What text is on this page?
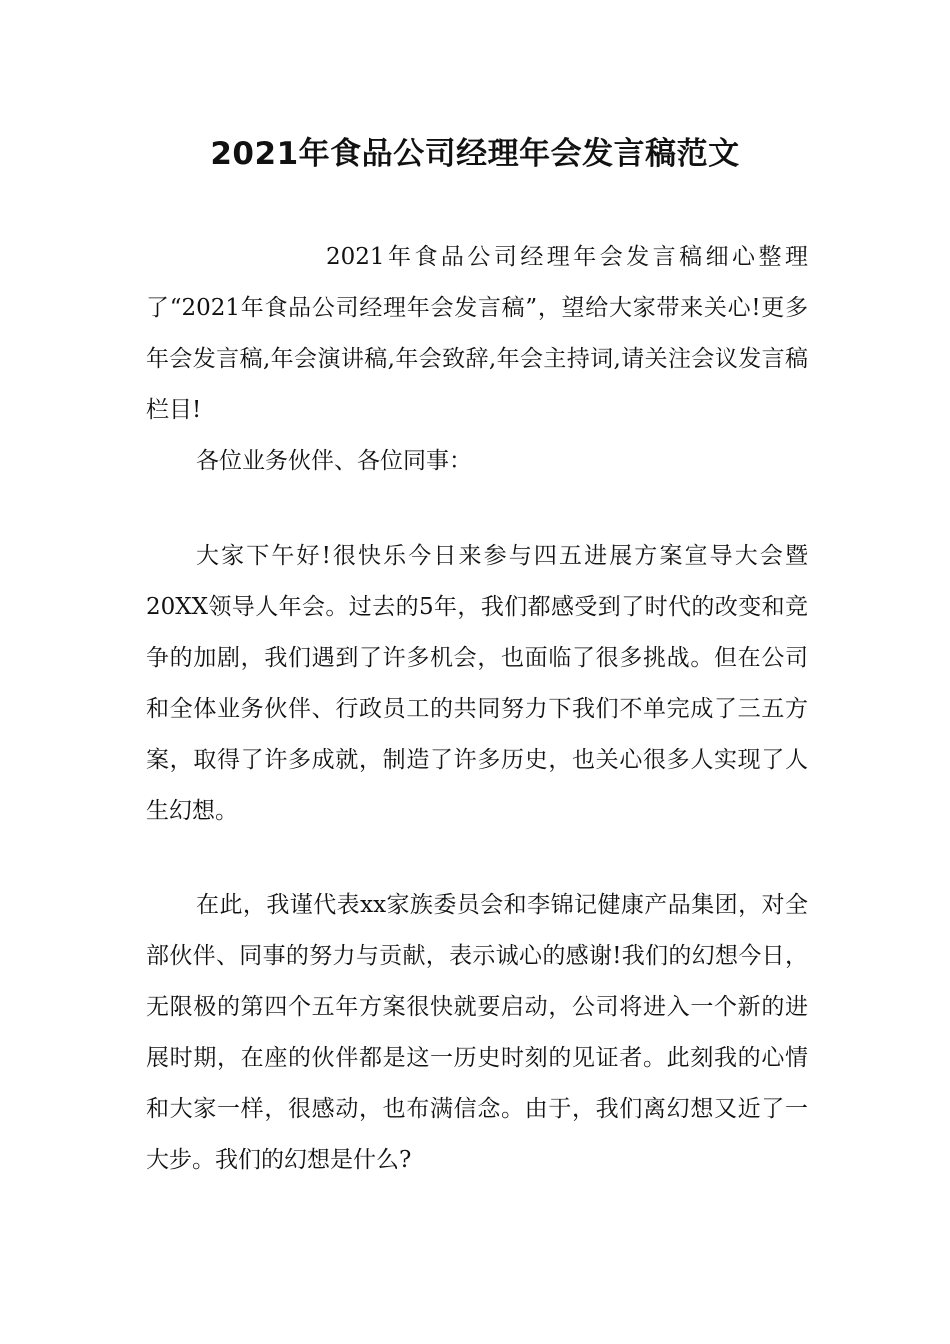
2021年食品公司经理年会发言稿范文

2021年食品公司经理年会发言稿细心整理了“2021年食品公司经理年会发言稿”，望给大家带来关心!更多年会发言稿,年会演讲稿,年会致辞,年会主持词,请关注会议发言稿栏目!

各位业务伙伴、各位同事：

大家下午好!很快乐今日来参与四五进展方案宣导大会暨20XX领导人年会。过去的5年，我们都感受到了时代的改变和竞争的加剧，我们遇到了许多机会，也面临了很多挑战。但在公司和全体业务伙伴、行政员工的共同努力下我们不单完成了三五方案，取得了许多成就，制造了许多历史，也关心很多人实现了人生幻想。

在此，我谨代表xx家族委员会和李锦记健康产品集团，对全部伙伴、同事的努力与贡献，表示诚心的感谢!我们的幻想今日，无限极的第四个五年方案很快就要启动，公司将进入一个新的进展时期，在座的伙伴都是这一历史时刻的见证者。此刻我的心情和大家一样，很感动，也布满信念。由于，我们离幻想又近了一大步。我们的幻想是什么?
